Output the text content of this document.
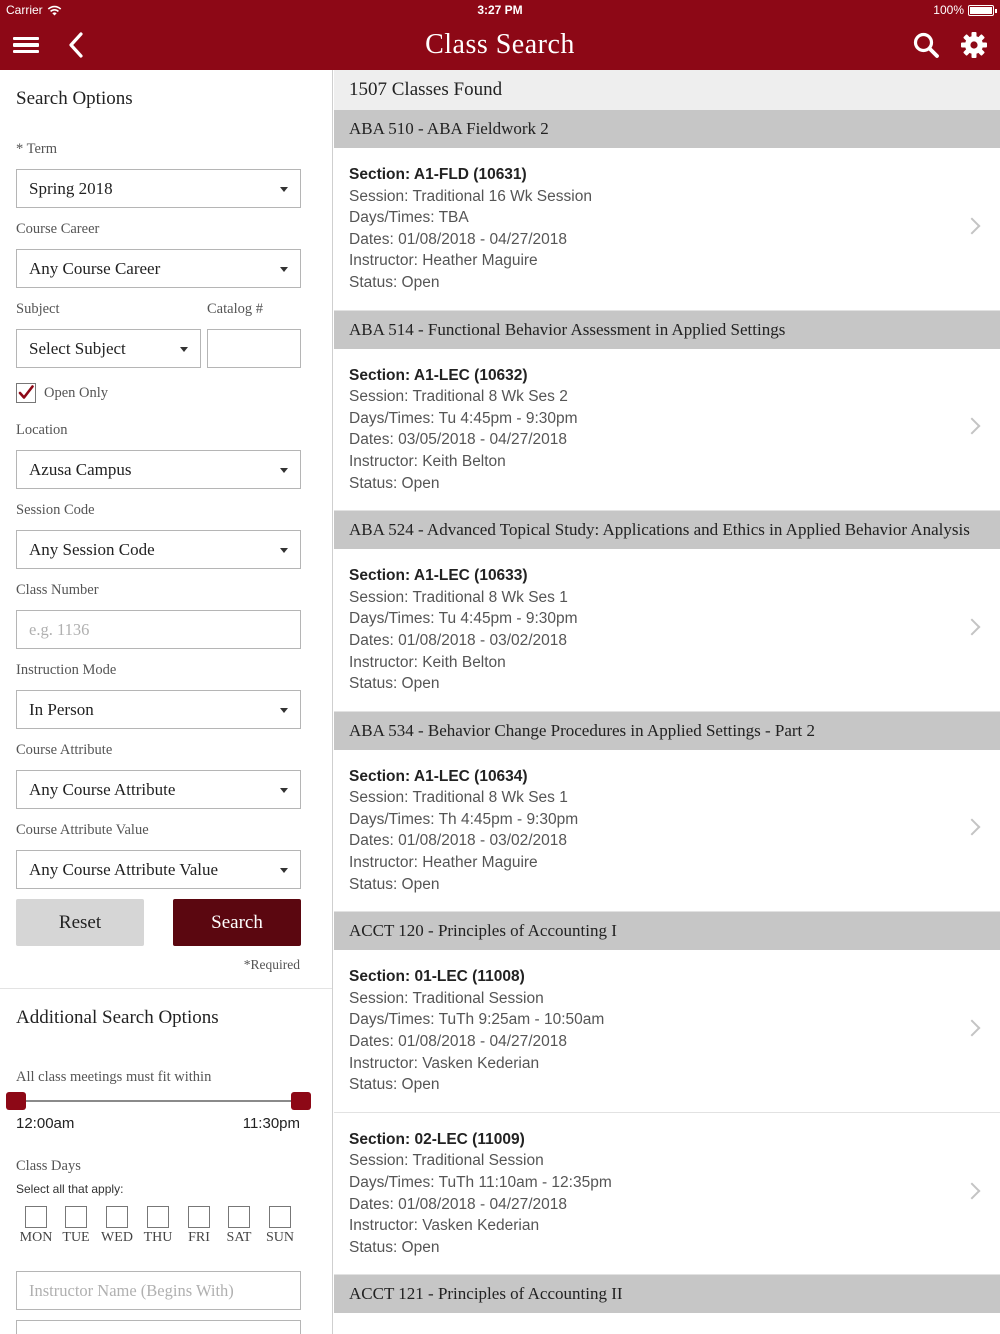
Carrier	3:27 PM	100%
Class Search
Search Options
* Term
Spring 2018
Course Career
Any Course Career
Subject	Catalog #
Select Subject
Open Only
Location
Azusa Campus
Session Code
Any Session Code
Class Number
e.g. 1136
Instruction Mode
In Person
Course Attribute
Any Course Attribute
Course Attribute Value
Any Course Attribute Value
Reset	Search
*Required
Additional Search Options
All class meetings must fit within
12:00am	11:30pm
Class Days
Select all that apply:
MON TUE WED THU	FRI	SAT	SUN
Instructor Name (Begins With)
1507 Classes Found
ABA 510 - ABA Fieldwork 2
Section: A1-FLD (10631)
Session: Traditional 16 Wk Session
Days/Times: TBA
Dates: 01/08/2018 - 04/27/2018
Instructor: Heather Maguire
Status: Open
ABA 514 - Functional Behavior Assessment in Applied Settings
Section: A1-LEC (10632)
Session: Traditional 8 Wk Ses 2
Days/Times: Tu 4:45pm - 9:30pm
Dates: 03/05/2018 - 04/27/2018
Instructor: Keith Belton
Status: Open
ABA 524 - Advanced Topical Study: Applications and Ethics in Applied Behavior Analysis
Section: A1-LEC (10633)
Session: Traditional 8 Wk Ses 1
Days/Times: Tu 4:45pm - 9:30pm
Dates: 01/08/2018 - 03/02/2018
Instructor: Keith Belton
Status: Open
ABA 534 - Behavior Change Procedures in Applied Settings - Part 2
Section: A1-LEC (10634)
Session: Traditional 8 Wk Ses 1
Days/Times: Th 4:45pm - 9:30pm
Dates: 01/08/2018 - 03/02/2018
Instructor: Heather Maguire
Status: Open
ACCT 120 - Principles of Accounting I
Section: 01-LEC (11008)
Session: Traditional Session
Days/Times: TuTh 9:25am - 10:50am
Dates: 01/08/2018 - 04/27/2018
Instructor: Vasken Kederian
Status: Open
Section: 02-LEC (11009)
Session: Traditional Session
Days/Times: TuTh 11:10am - 12:35pm
Dates: 01/08/2018 - 04/27/2018
Instructor: Vasken Kederian
Status: Open
ACCT 121 - Principles of Accounting II
